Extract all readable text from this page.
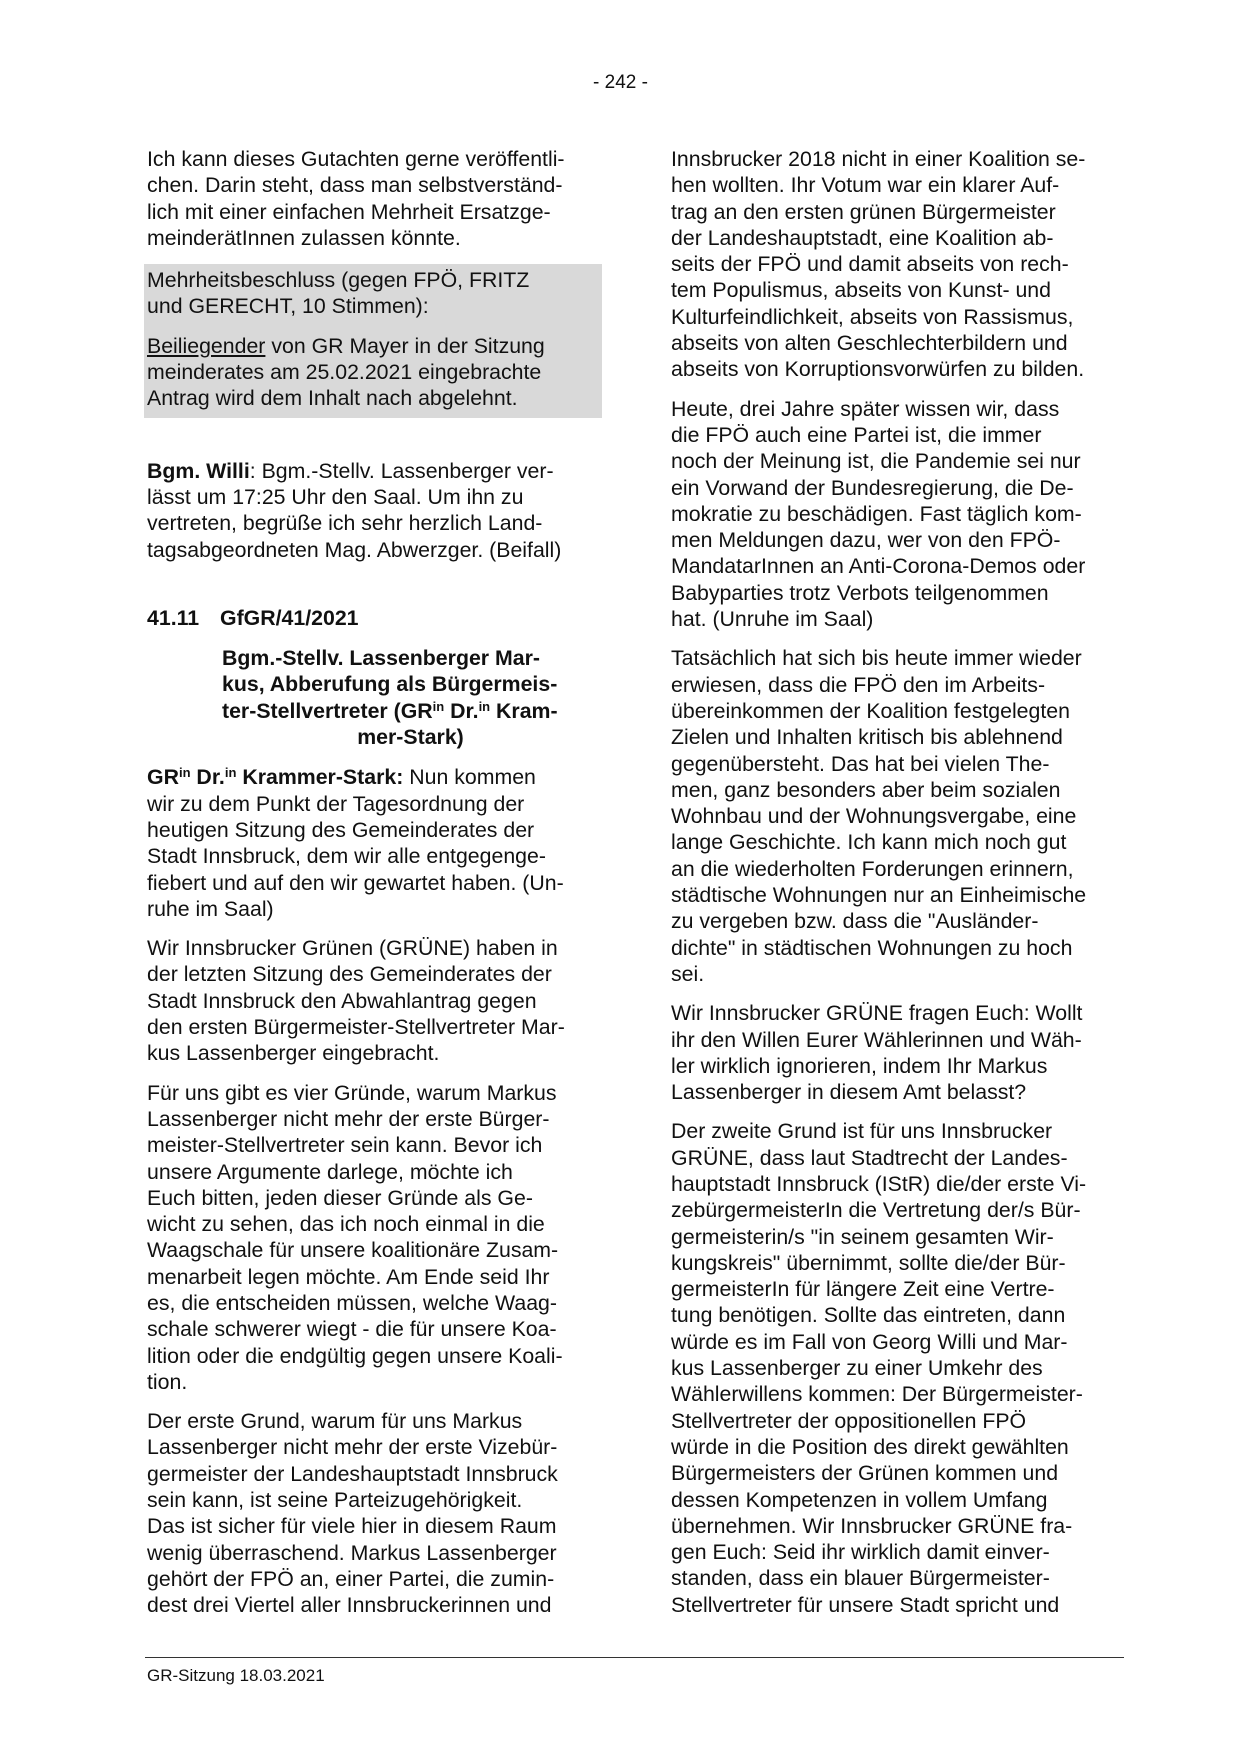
- 242 -

Ich kann dieses Gutachten gerne veröffentli-
chen. Darin steht, dass man selbstverständ-
lich mit einer einfachen Mehrheit Ersatzge-
meinderätInnen zulassen könnte.

Mehrheitsbeschluss (gegen FPÖ, FRITZ
und GERECHT, 10 Stimmen):

Beiliegender von GR Mayer in der Sitzung
meinderates am 25.02.2021 eingebrachte
Antrag wird dem Inhalt nach abgelehnt.

Bgm. Willi: Bgm.-Stellv. Lassenberger ver-
lässt um 17:25 Uhr den Saal. Um ihn zu
vertreten, begrüße ich sehr herzlich Land-
tagsabgeordneten Mag. Abwerzger. (Beifall)

41.11 GfGR/41/2021
Bgm.-Stellv. Lassenberger Mar-
kus, Abberufung als Bürgermeis-
ter-Stellvertreter ($GR^{in}$ Dr.$^{in}$ Kram-
mer-Stark)

$GR^{in}$ Dr.$^{in}$ Krammer-Stark: Nun kommen
wir zu dem Punkt der Tagesordnung der
heutigen Sitzung des Gemeinderates der
Stadt Innsbruck, dem wir alle entgegenge-
fiebert und auf den wir gewartet haben. (Un-
ruhe im Saal)

Wir Innsbrucker Grünen (GRÜNE) haben in
der letzten Sitzung des Gemeinderates der
Stadt Innsbruck den Abwahlantrag gegen
den ersten Bürgermeister-Stellvertreter Mar-
kus Lassenberger eingebracht.

Für uns gibt es vier Gründe, warum Markus
Lassenberger nicht mehr der erste Bürger-
meister-Stellvertreter sein kann. Bevor ich
unsere Argumente darlege, möchte ich
Euch bitten, jeden dieser Gründe als Ge-
wicht zu sehen, das ich noch einmal in die
Waagschale für unsere koalitionäre Zusam-
menarbeit legen möchte. Am Ende seid Ihr
es, die entscheiden müssen, welche Waag-
schale schwerer wiegt - die für unsere Koa-
lition oder die endgültig gegen unsere Koali-
tion.

Der erste Grund, warum für uns Markus
Lassenberger nicht mehr der erste Vizebür-
germeister der Landeshauptstadt Innsbruck
sein kann, ist seine Parteizugehörigkeit.
Das ist sicher für viele hier in diesem Raum
wenig überraschend. Markus Lassenberger
gehört der FPÖ an, einer Partei, die zumin-
dest drei Viertel aller Innsbruckerinnen und

Innsbrucker 2018 nicht in einer Koalition se-
hen wollten. Ihr Votum war ein klarer Auf-
trag an den ersten grünen Bürgermeister
der Landeshauptstadt, eine Koalition ab-
seits der FPÖ und damit abseits von rech-
tem Populismus, abseits von Kunst- und
Kulturfeindlichkeit, abseits von Rassismus,
abseits von alten Geschlechterbildern und
abseits von Korruptionsvorwürfen zu bilden.

Heute, drei Jahre später wissen wir, dass
die FPÖ auch eine Partei ist, die immer
noch der Meinung ist, die Pandemie sei nur
ein Vorwand der Bundesregierung, die De-
mokratie zu beschädigen. Fast täglich kom-
men Meldungen dazu, wer von den FPÖ-
MandatarInnen an Anti-Corona-Demos oder
Babyparties trotz Verbots teilgenommen
hat. (Unruhe im Saal)

Tatsächlich hat sich bis heute immer wieder
erwiesen, dass die FPÖ den im Arbeits-
übereinkommen der Koalition festgelegten
Zielen und Inhalten kritisch bis ablehnend
gegenübersteht. Das hat bei vielen The-
men, ganz besonders aber beim sozialen
Wohnbau und der Wohnungsvergabe, eine
lange Geschichte. Ich kann mich noch gut
an die wiederholten Forderungen erinnern,
städtische Wohnungen nur an Einheimische
zu vergeben bzw. dass die "Ausländer-
dichte" in städtischen Wohnungen zu hoch
sei.

Wir Innsbrucker GRÜNE fragen Euch: Wollt
ihr den Willen Eurer Wählerinnen und Wäh-
ler wirklich ignorieren, indem Ihr Markus
Lassenberger in diesem Amt belasst?

Der zweite Grund ist für uns Innsbrucker
GRÜNE, dass laut Stadtrecht der Landes-
hauptstadt Innsbruck (IStR) die/der erste Vi-
zebürgermeisterIn die Vertretung der/s Bür-
germeisterin/s "in seinem gesamten Wir-
kungskreis" übernimmt, sollte die/der Bür-
germeisterIn für längere Zeit eine Vertre-
tung benötigen. Sollte das eintreten, dann
würde es im Fall von Georg Willi und Mar-
kus Lassenberger zu einer Umkehr des
Wählerwillens kommen: Der Bürgermeister-
Stellvertreter der oppositionellen FPÖ
würde in die Position des direkt gewählten
Bürgermeisters der Grünen kommen und
dessen Kompetenzen in vollem Umfang
übernehmen. Wir Innsbrucker GRÜNE fra-
gen Euch: Seid ihr wirklich damit einver-
standen, dass ein blauer Bürgermeister-
Stellvertreter für unsere Stadt spricht und

GR-Sitzung 18.03.2021
